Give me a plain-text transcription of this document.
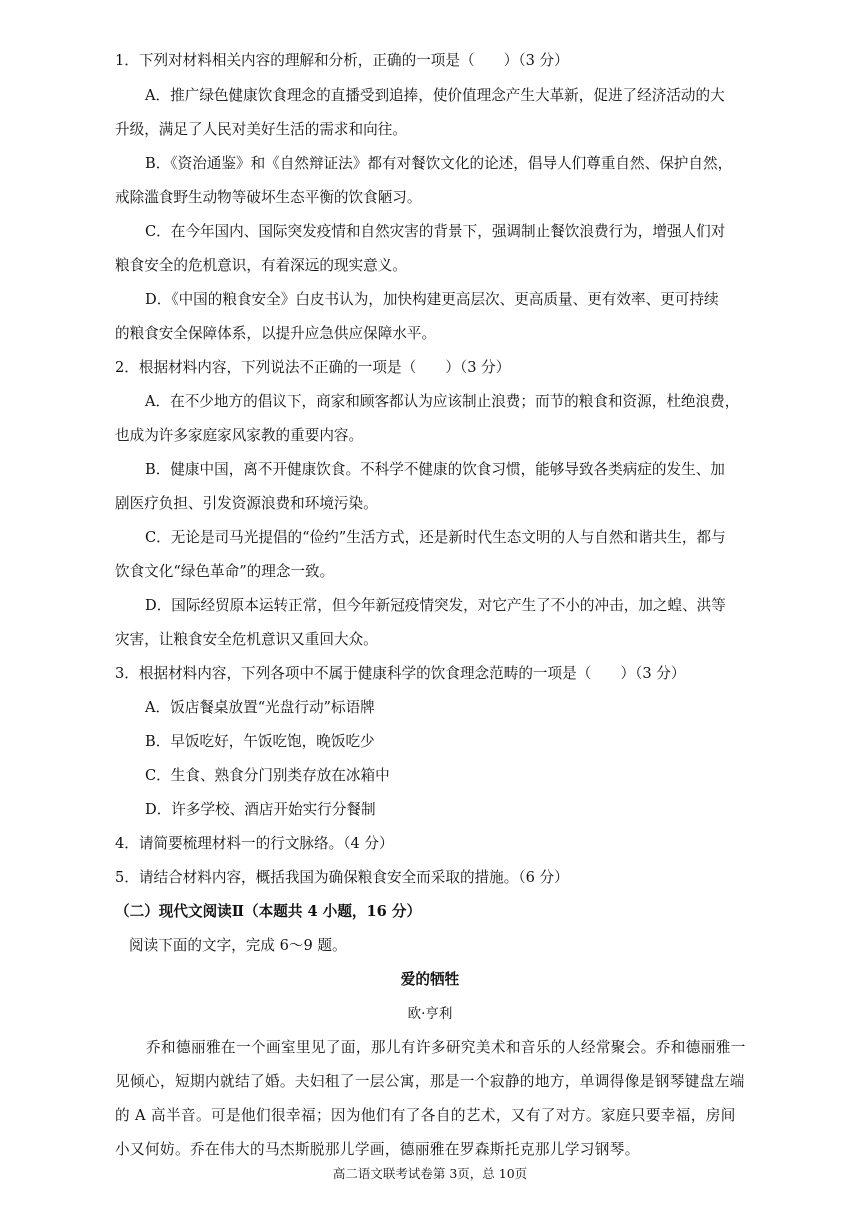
1．下列对材料相关内容的理解和分析，正确的一项是（　　）（3 分）
A．推广绿色健康饮食理念的直播受到追捧，使价值理念产生大革新，促进了经济活动的大
升级，满足了人民对美好生活的需求和向往。
B．《资治通鉴》和《自然辩证法》都有对餐饮文化的论述，倡导人们尊重自然、保护自然，
戒除滥食野生动物等破坏生态平衡的饮食陋习。
C．在今年国内、国际突发疫情和自然灾害的背景下，强调制止餐饮浪费行为，增强人们对
粮食安全的危机意识，有着深远的现实意义。
D．《中国的粮食安全》白皮书认为，加快构建更高层次、更高质量、更有效率、更可持续
的粮食安全保障体系，以提升应急供应保障水平。
2．根据材料内容，下列说法不正确的一项是（　　）（3 分）
A．在不少地方的倡议下，商家和顾客都认为应该制止浪费；而节的粮食和资源，杜绝浪费，
也成为许多家庭家风家教的重要内容。
B．健康中国，离不开健康饮食。不科学不健康的饮食习惯，能够导致各类病症的发生、加
剧医疗负担、引发资源浪费和环境污染。
C．无论是司马光提倡的“俭约”生活方式，还是新时代生态文明的人与自然和谐共生，都与
饮食文化“绿色革命”的理念一致。
D．国际经贸原本运转正常，但今年新冠疫情突发，对它产生了不小的冲击，加之蝗、洪等
灾害，让粮食安全危机意识又重回大众。
3．根据材料内容，下列各项中不属于健康科学的饮食理念范畴的一项是（　　）（3 分）
A．饭店餐桌放置“光盘行动”标语牌
B．早饭吃好，午饭吃饱，晚饭吃少
C．生食、熟食分门别类存放在冰箱中
D．许多学校、酒店开始实行分餐制
4．请简要梳理材料一的行文脉络。（4 分）
5．请结合材料内容，概括我国为确保粮食安全而采取的措施。（6 分）
（二）现代文阅读Ⅱ（本题共 4 小题，16 分）
阅读下面的文字，完成 6～9 题。
爱的牺牲
欧·亨利
乔和德丽雅在一个画室里见了面，那儿有许多研究美术和音乐的人经常聚会。乔和德丽雅一
见倾心，短期内就结了婚。夫妇租了一层公寓，那是一个寂静的地方，单调得像是钢琴键盘左端
的 A 高半音。可是他们很幸福；因为他们有了各自的艺术，又有了对方。家庭只要幸福，房间
小又何妨。乔在伟大的马杰斯脱那儿学画，德丽雅在罗森斯托克那儿学习钢琴。
高二语文联考试卷第 3页，总 10页
